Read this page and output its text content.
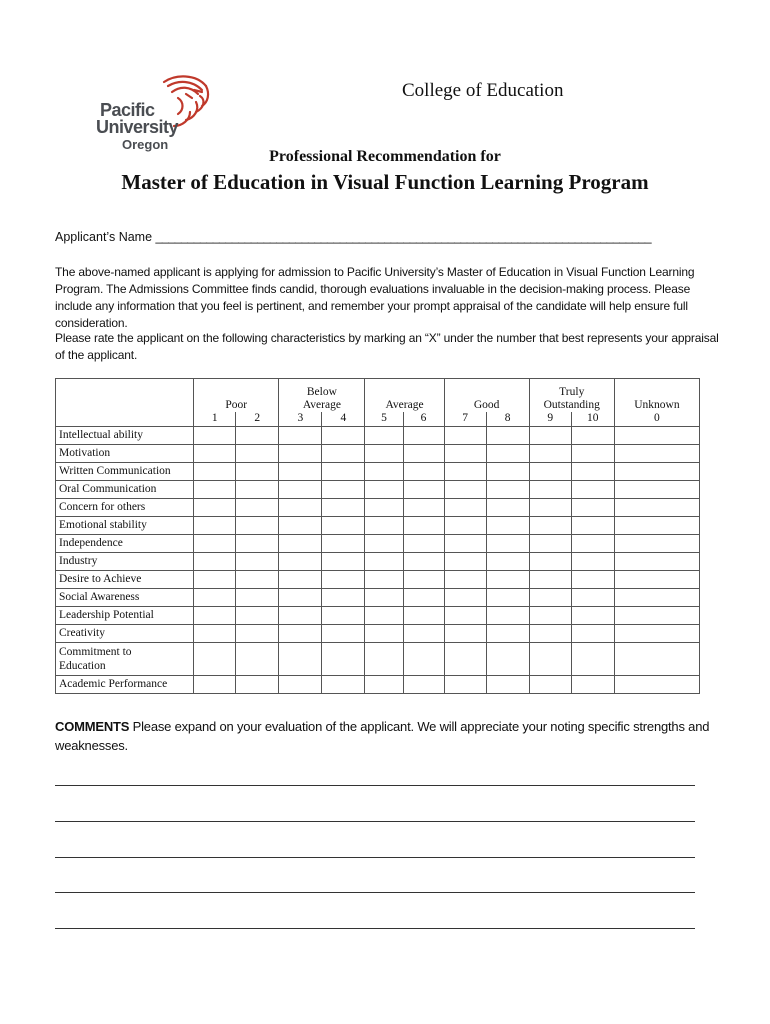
Pacific
University
Oregon
College of Education
Professional Recommendation for
Master of Education in Visual Function Learning Program
Applicant’s Name ______________________________________________________________________________
The above-named applicant is applying for admission to Pacific University’s Master of Education in Visual Function Learning Program. The Admissions Committee finds candid, thorough evaluations invaluable in the decision-making process. Please include any information that you feel is pertinent, and remember your prompt appraisal of the candidate will help ensure full consideration.
Please rate the applicant on the following characteristics by marking an “X” under the number that best represents your appraisal of the applicant.
	Poor		Below Average		Average		Good		Truly Outstanding		Unknown
	1	2	3	4	5	6	7	8	9	10	0
Intellectual ability											
Motivation											
Written Communication											
Oral Communication											
Concern for others											
Emotional stability											
Independence											
Industry											
Desire to Achieve											
Social Awareness											
Leadership Potential											
Creativity											
Commitment to Education											
Academic Performance											
COMMENTS Please expand on your evaluation of the applicant. We will appreciate your noting specific strengths and weaknesses.
